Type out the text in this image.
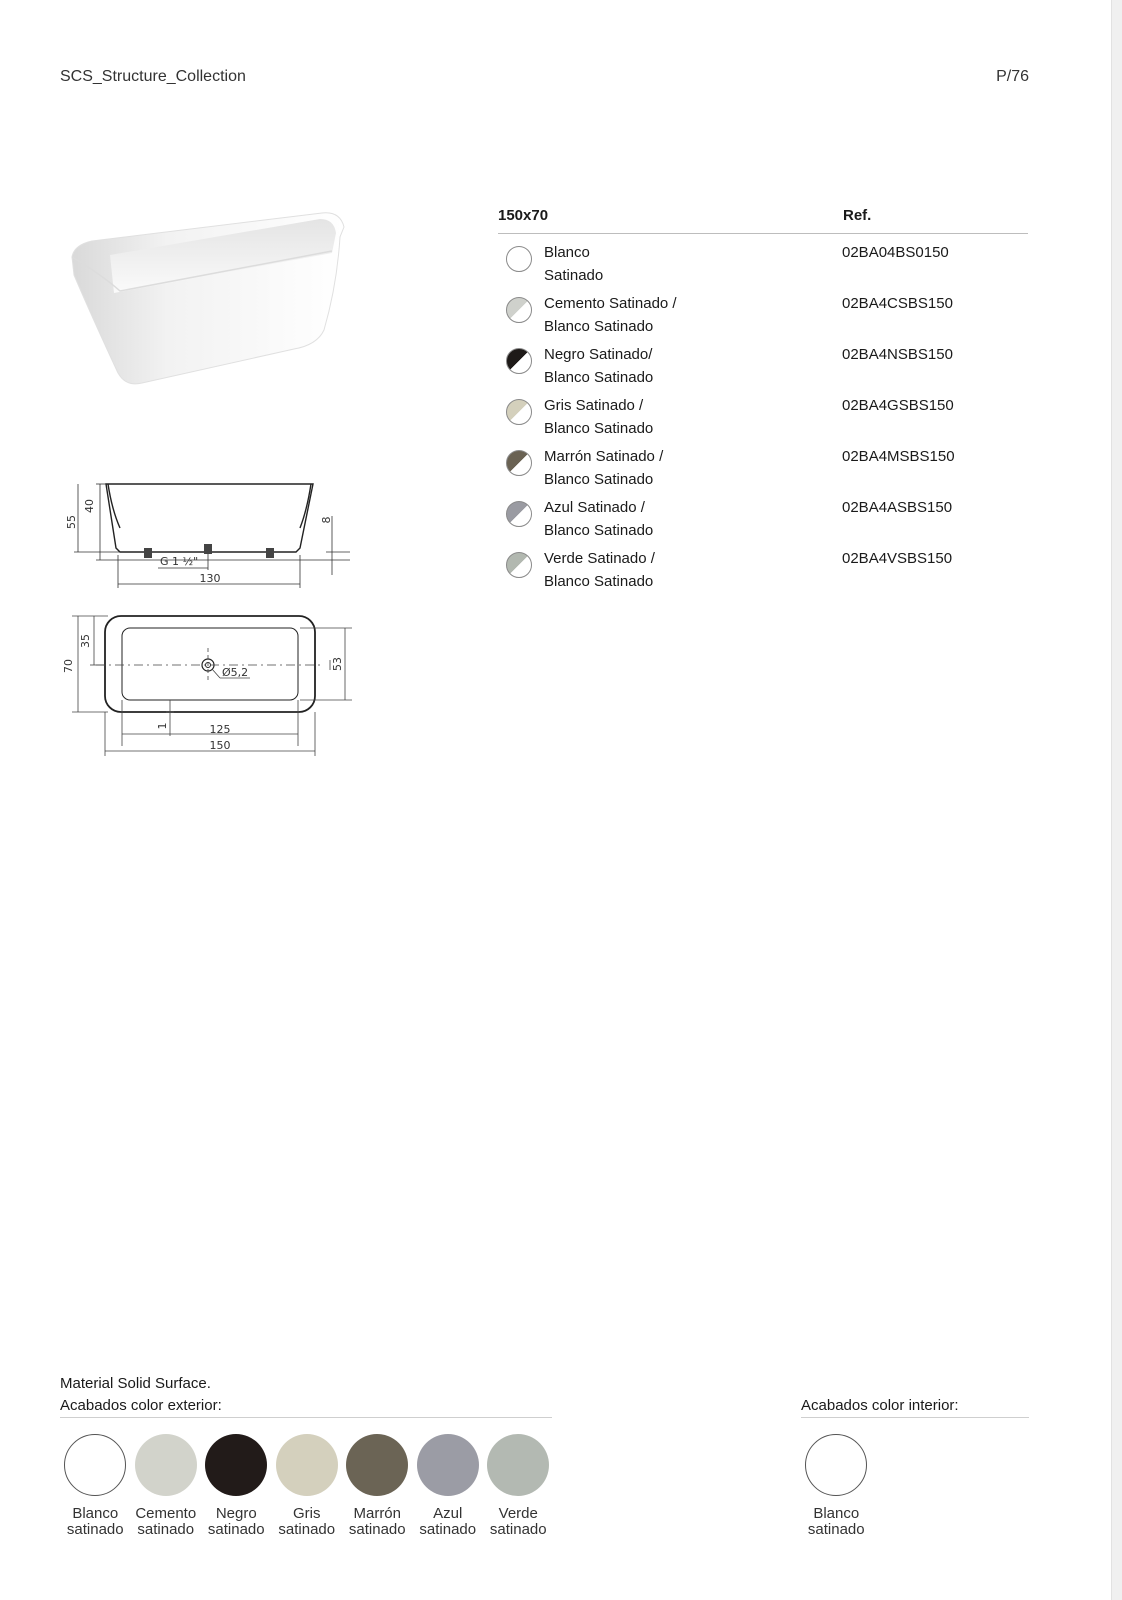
SCS_Structure_Collection	P/76
55
40
8
G 1 ½"
130
70
35
53
Ø5,2
1	125
150
150x70	Ref.
Blanco
Satinado
02BA04BS0150
Cemento Satinado /
Blanco Satinado
02BA4CSBS150
Negro Satinado/
Blanco Satinado
02BA4NSBS150
Gris Satinado /
Blanco Satinado
02BA4GSBS150
Marrón Satinado /
Blanco Satinado
02BA4MSBS150
Azul Satinado /
Blanco Satinado
02BA4ASBS150
Verde Satinado /
Blanco Satinado
02BA4VSBS150
Material Solid Surface.
Acabados color exterior:	Acabados color interior:
Blanco
satinado
Cemento
satinado
Negro
satinado
Gris
satinado
Marrón
satinado
Azul
satinado
Verde
satinado
Blanco
satinado
